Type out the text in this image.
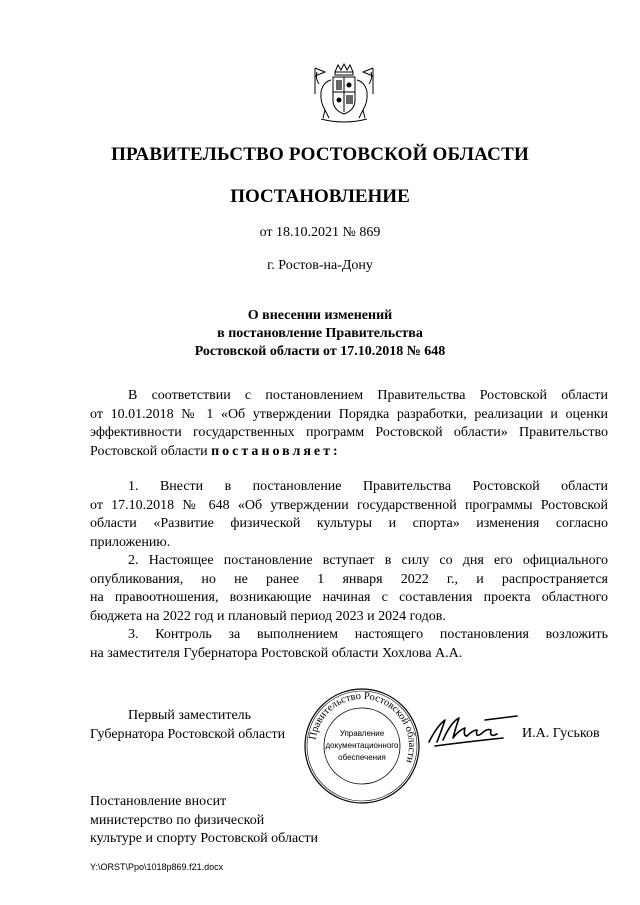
ПРАВИТЕЛЬСТВО РОСТОВСКОЙ ОБЛАСТИ
ПОСТАНОВЛЕНИЕ
от 18.10.2021 № 869
г. Ростов-на-Дону
О внесении изменений
в постановление Правительства
Ростовской области от 17.10.2018 № 648
В соответствии с постановлением Правительства Ростовской области
от 10.01.2018 № 1 «Об утверждении Порядка разработки, реализации и оценки
эффективности государственных программ Ростовской области» Правительство
Ростовской области постановляет:
1. Внести в постановление Правительства Ростовской области
от 17.10.2018 № 648 «Об утверждении государственной программы Ростовской
области «Развитие физической культуры и спорта» изменения согласно
приложению.
2. Настоящее постановление вступает в силу со дня его официального
опубликования, но не ранее 1 января 2022 г., и распространяется
на правоотношения, возникающие начиная с составления проекта областного
бюджета на 2022 год и плановый период 2023 и 2024 годов.
3. Контроль за выполнением настоящего постановления возложить
на заместителя Губернатора Ростовской области Хохлова А.А.
Первый заместитель
Губернатора Ростовской области Правительство Ростовской области
Управление
документационного
обеспечения
И.А. Гуськов
Постановление вносит
министерство по физической
культуре и спорту Ростовской области
Y:\ORST\Ppo\1018p869.f21.docx
